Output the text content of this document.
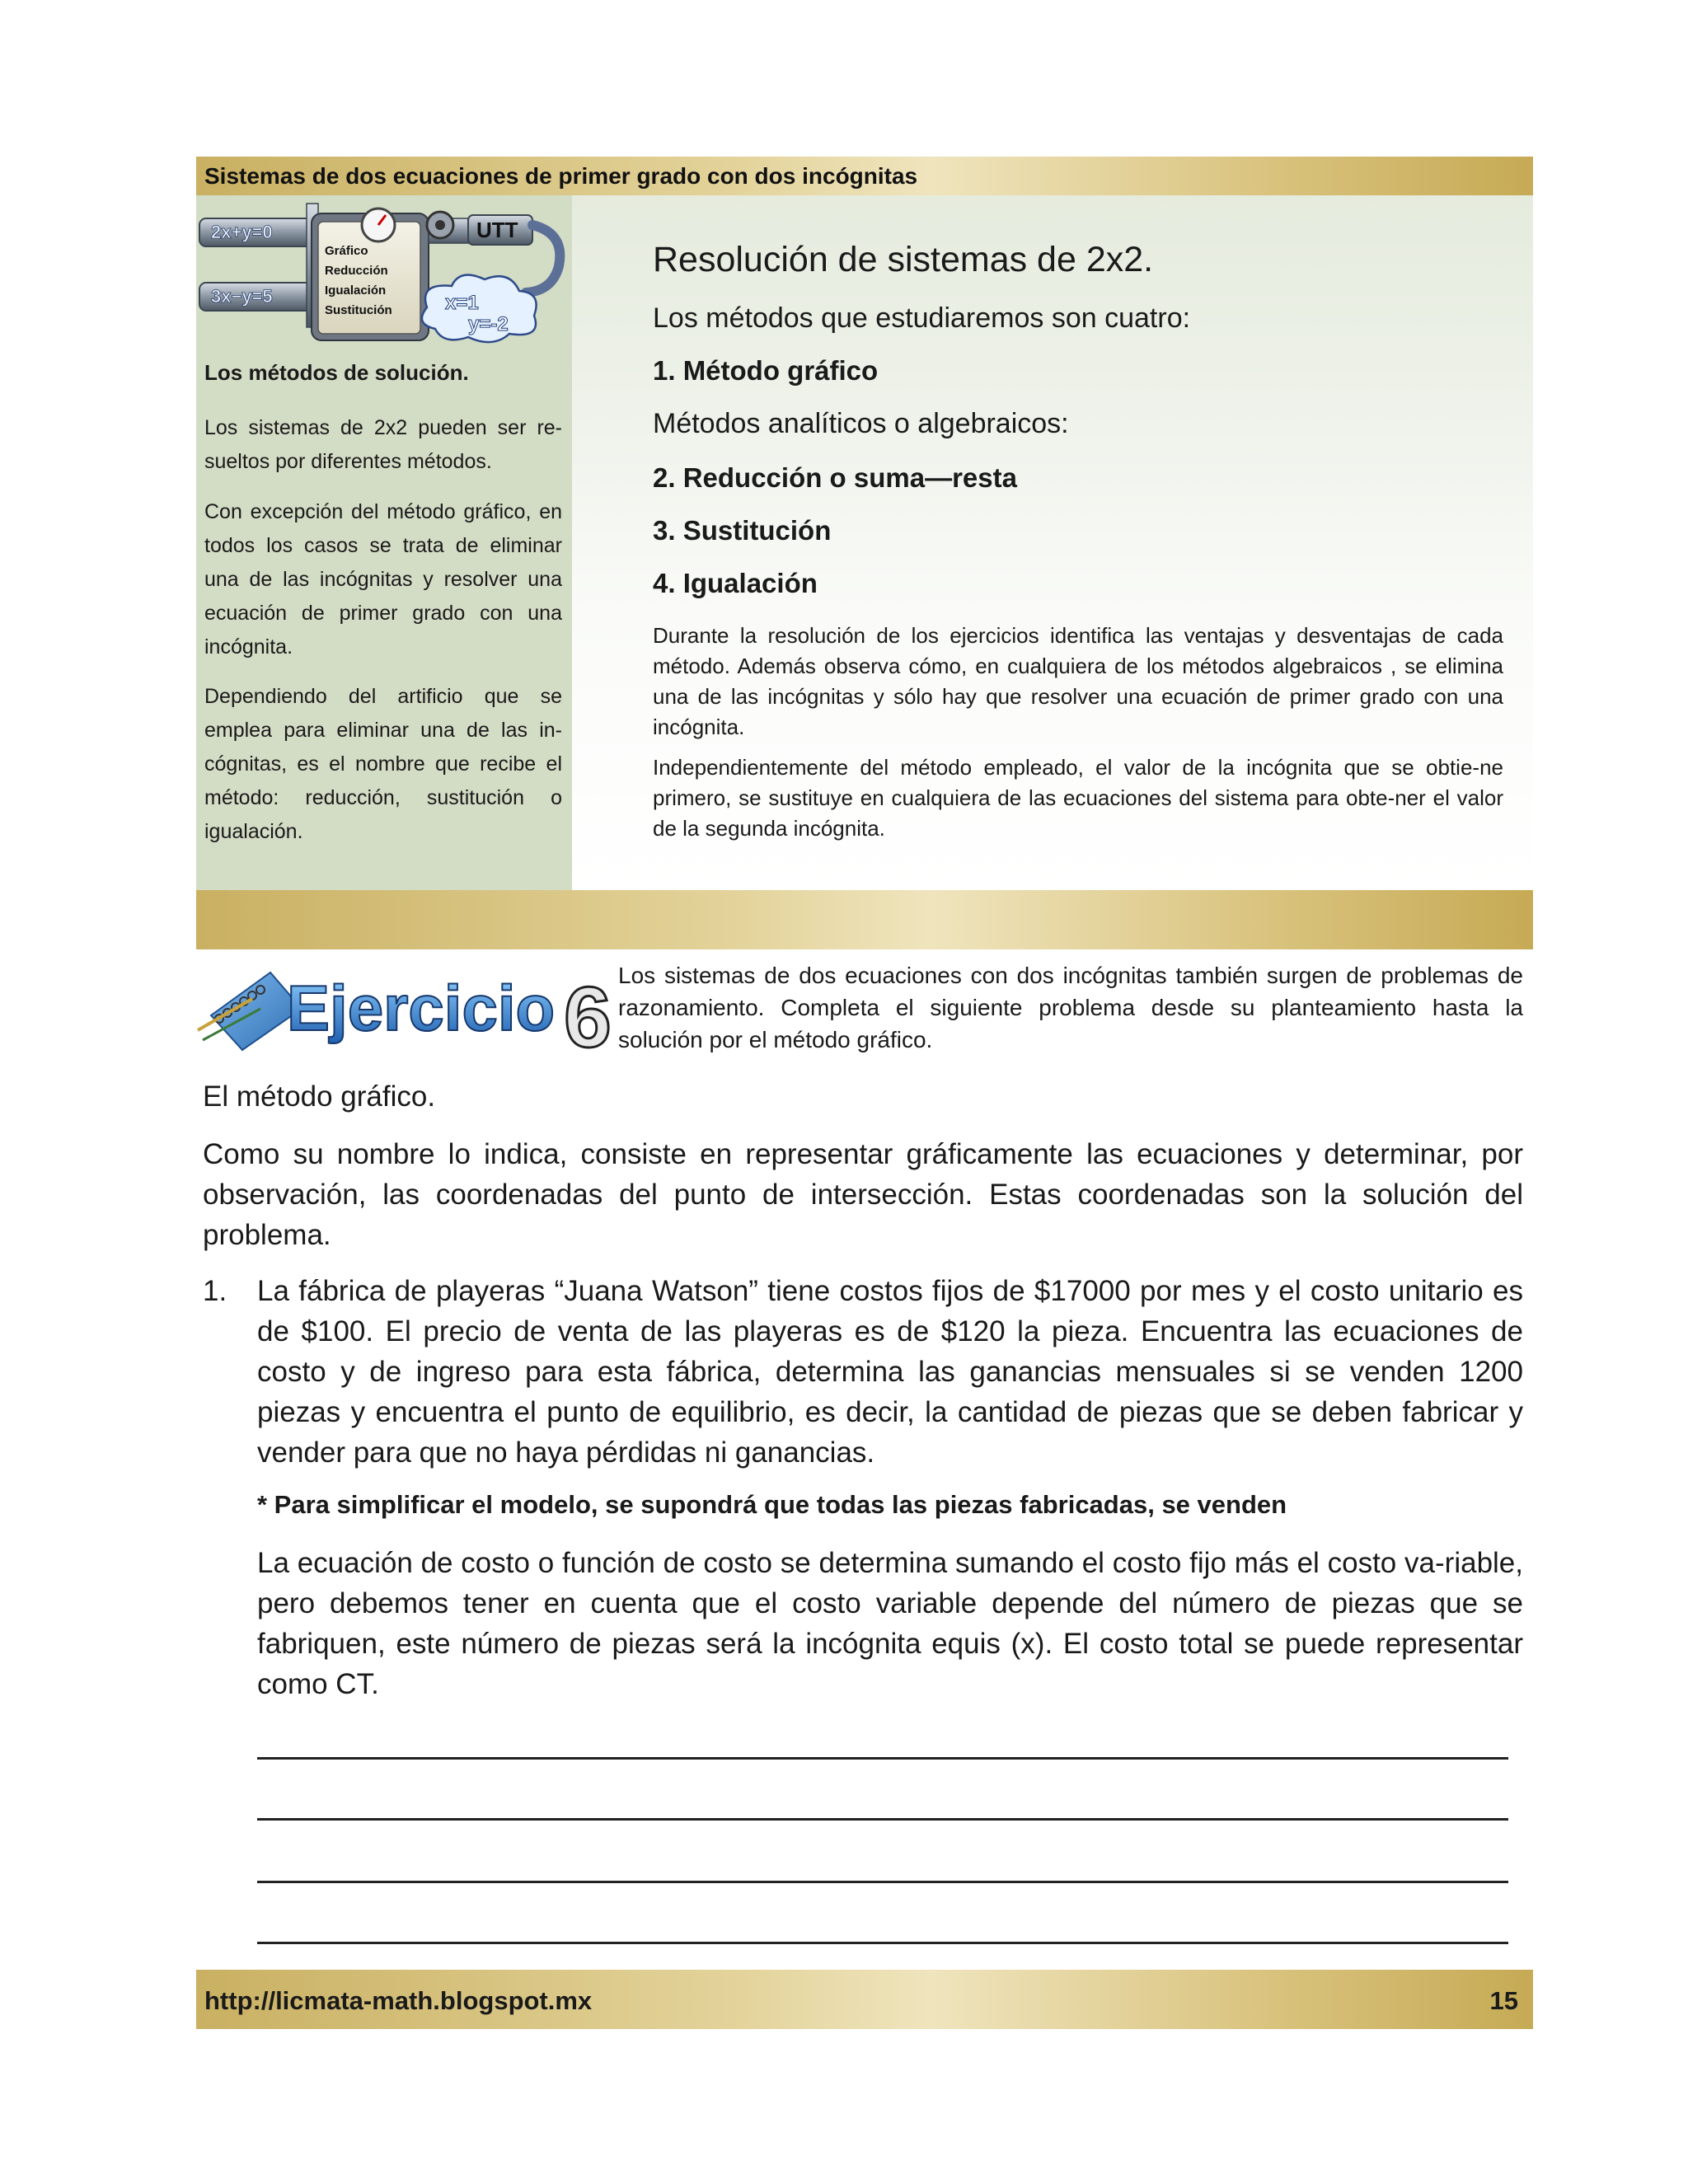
Sistemas de dos ecuaciones de primer grado con dos incógnitas
2x+y=0
3x−y=5
Gráfico
Reducción
Igualación
Sustitución
UTT
x=1
y=-2
Los métodos de solución.
Los sistemas de 2x2 pueden ser re-suelto​s por diferentes métodos.
Con excepción del método gráfico, en todos los casos se trata de eliminar una de las incógnitas y resolver una ecuación de primer grado con una incógnita.
Dependiendo del artificio que se emplea para eliminar una de las in-cógnitas, es el nombre que recibe el método: reducción, sustitución o igualación.
Resolución de sistemas de 2x2.
Los métodos que estudiaremos son cuatro:
1. Método gráfico
Métodos analíticos o algebraicos:
2. Reducción o suma—resta
3. Sustitución
4. Igualación
Durante la resolución de los ejercicios identifica las ventajas y desventajas de cada método. Además observa cómo, en cualquiera de los métodos algebraicos , se elimina una de las incógnitas y sólo hay que resolver una ecuación de primer grado con una incógnita.
Independientemente del método empleado, el valor de la incógnita que se obtie-ne primero, se sustituye en cualquiera de las ecuaciones del sistema para obte-ner el valor de la segunda incógnita.
Ejercicio 6 Los sistemas de dos ecuaciones con dos incógnitas también surgen de problemas de razonamiento. Completa el siguiente problema desde su planteamiento hasta la solución por el método gráfico.
El método gráfico.
Como su nombre lo indica, consiste en representar gráficamente las ecuaciones y determinar, por observación, las coordenadas del punto de intersección. Estas coordenadas son la solución del problema.
1. La fábrica de playeras “Juana Watson” tiene costos fijos de $17000 por mes y el costo unitario es de $100. El precio de venta de las playeras es de $120 la pieza. Encuentra las ecuaciones de costo y de ingreso para esta fábrica, determina las ganancias mensuales si se venden 1200 piezas y encuentra el punto de equilibrio, es decir, la cantidad de piezas que se deben fabricar y vender para que no haya pérdidas ni ganancias.
* Para simplificar el modelo, se supondrá que todas las piezas fabricadas, se venden
La ecuación de costo o función de costo se determina sumando el costo fijo más el costo va-riable, pero debemos tener en cuenta que el costo variable depende del número de piezas que se fabriquen, este número de piezas será la incógnita equis (x). El costo total se puede representar como CT.
http://licmata-math.blogspot.mx	15
